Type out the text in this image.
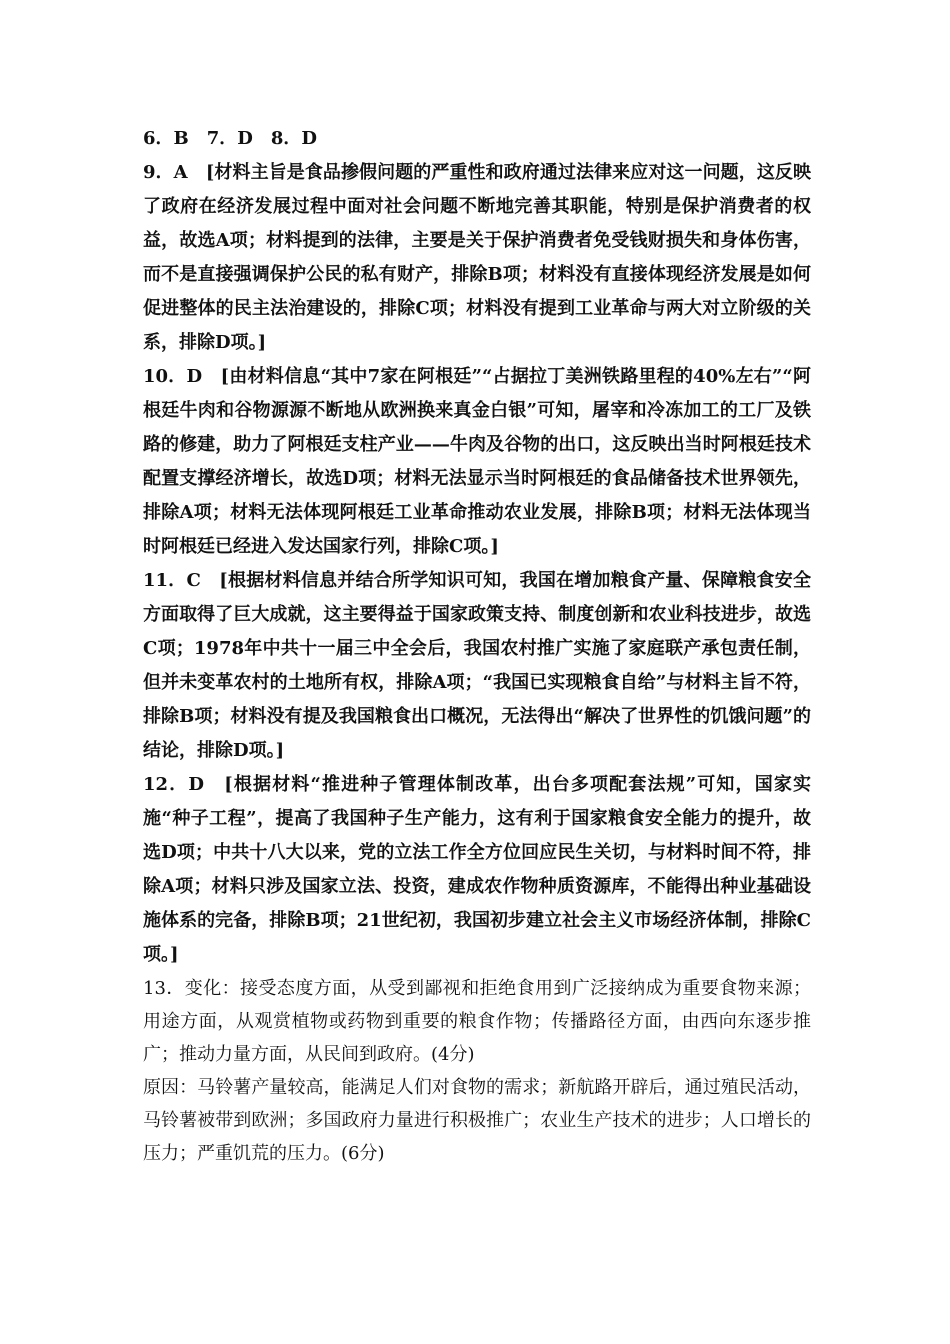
6．B　7．D　8．D

9．A　[材料主旨是食品掺假问题的严重性和政府通过法律来应对这一问题，这反映了政府在经济发展过程中面对社会问题不断地完善其职能，特别是保护消费者的权益，故选A项；材料提到的法律，主要是关于保护消费者免受钱财损失和身体伤害，而不是直接强调保护公民的私有财产，排除B项；材料没有直接体现经济发展是如何促进整体的民主法治建设的，排除C项；材料没有提到工业革命与两大对立阶级的关系，排除D项。]

10．D　[由材料信息“其中7家在阿根廷”“占据拉丁美洲铁路里程的40%左右”“阿根廷牛肉和谷物源源不断地从欧洲换来真金白银”可知，屠宰和冷冻加工的工厂及铁路的修建，助力了阿根廷支柱产业——牛肉及谷物的出口，这反映出当时阿根廷技术配置支撑经济增长，故选D项；材料无法显示当时阿根廷的食品储备技术世界领先，排除A项；材料无法体现阿根廷工业革命推动农业发展，排除B项；材料无法体现当时阿根廷已经进入发达国家行列，排除C项。]

11．C　[根据材料信息并结合所学知识可知，我国在增加粮食产量、保障粮食安全方面取得了巨大成就，这主要得益于国家政策支持、制度创新和农业科技进步，故选C项；1978年中共十一届三中全会后，我国农村推广实施了家庭联产承包责任制，但并未变革农村的土地所有权，排除A项；“我国已实现粮食自给”与材料主旨不符，排除B项；材料没有提及我国粮食出口概况，无法得出“解决了世界性的饥饿问题”的结论，排除D项。]

12．D　[根据材料“推进种子管理体制改革，出台多项配套法规”可知，国家实施“种子工程”，提高了我国种子生产能力，这有利于国家粮食安全能力的提升，故选D项；中共十八大以来，党的立法工作全方位回应民生关切，与材料时间不符，排除A项；材料只涉及国家立法、投资，建成农作物种质资源库，不能得出种业基础设施体系的完备，排除B项；21世纪初，我国初步建立社会主义市场经济体制，排除C项。]

13．变化：接受态度方面，从受到鄙视和拒绝食用到广泛接纳成为重要食物来源；用途方面，从观赏植物或药物到重要的粮食作物；传播路径方面，由西向东逐步推广；推动力量方面，从民间到政府。(4分)

原因：马铃薯产量较高，能满足人们对食物的需求；新航路开辟后，通过殖民活动，马铃薯被带到欧洲；多国政府力量进行积极推广；农业生产技术的进步；人口增长的压力；严重饥荒的压力。(6分)
